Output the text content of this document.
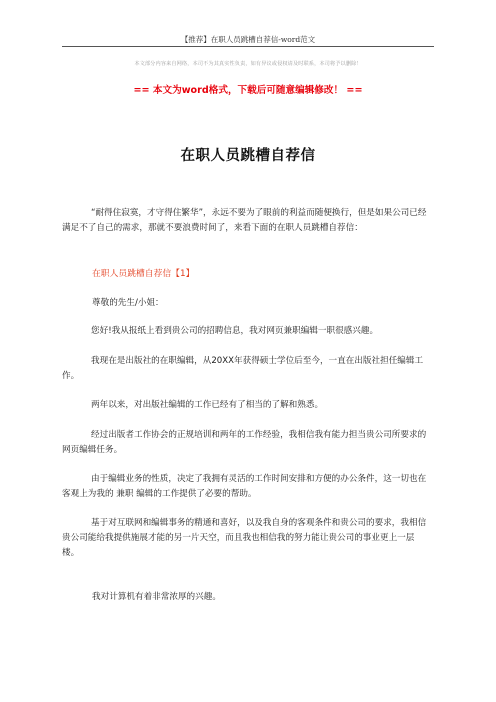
【推荐】在职人员跳槽自荐信-word范文
本文部分内容来自网络，本司不为其真实性负责，如有异议或侵权请及时联系，本司将予以删除！
== 本文为word格式，下载后可随意编辑修改！ ==
在职人员跳槽自荐信

“耐得住寂寞，才守得住繁华”，永远不要为了眼前的利益而随便换行，但是如果公司已经满足不了自己的需求，那就不要浪费时间了，来看下面的在职人员跳槽自荐信：

在职人员跳槽自荐信【1】

尊敬的先生/小姐：

您好!我从报纸上看到贵公司的招聘信息，我对网页兼职编辑一职很感兴趣。

我现在是出版社的在职编辑，从20XX年获得硕士学位后至今，一直在出版社担任编辑工作。

两年以来，对出版社编辑的工作已经有了相当的了解和熟悉。

经过出版者工作协会的正规培训和两年的工作经验，我相信我有能力担当贵公司所要求的网页编辑任务。

由于编辑业务的性质，决定了我拥有灵活的工作时间安排和方便的办公条件，这一切也在客观上为我的 兼职 编辑的工作提供了必要的帮助。

基于对互联网和编辑事务的精通和喜好，以及我自身的客观条件和贵公司的要求，我相信贵公司能给我提供施展才能的另一片天空，而且我也相信我的努力能让贵公司的事业更上一层楼。

我对计算机有着非常浓厚的兴趣。
